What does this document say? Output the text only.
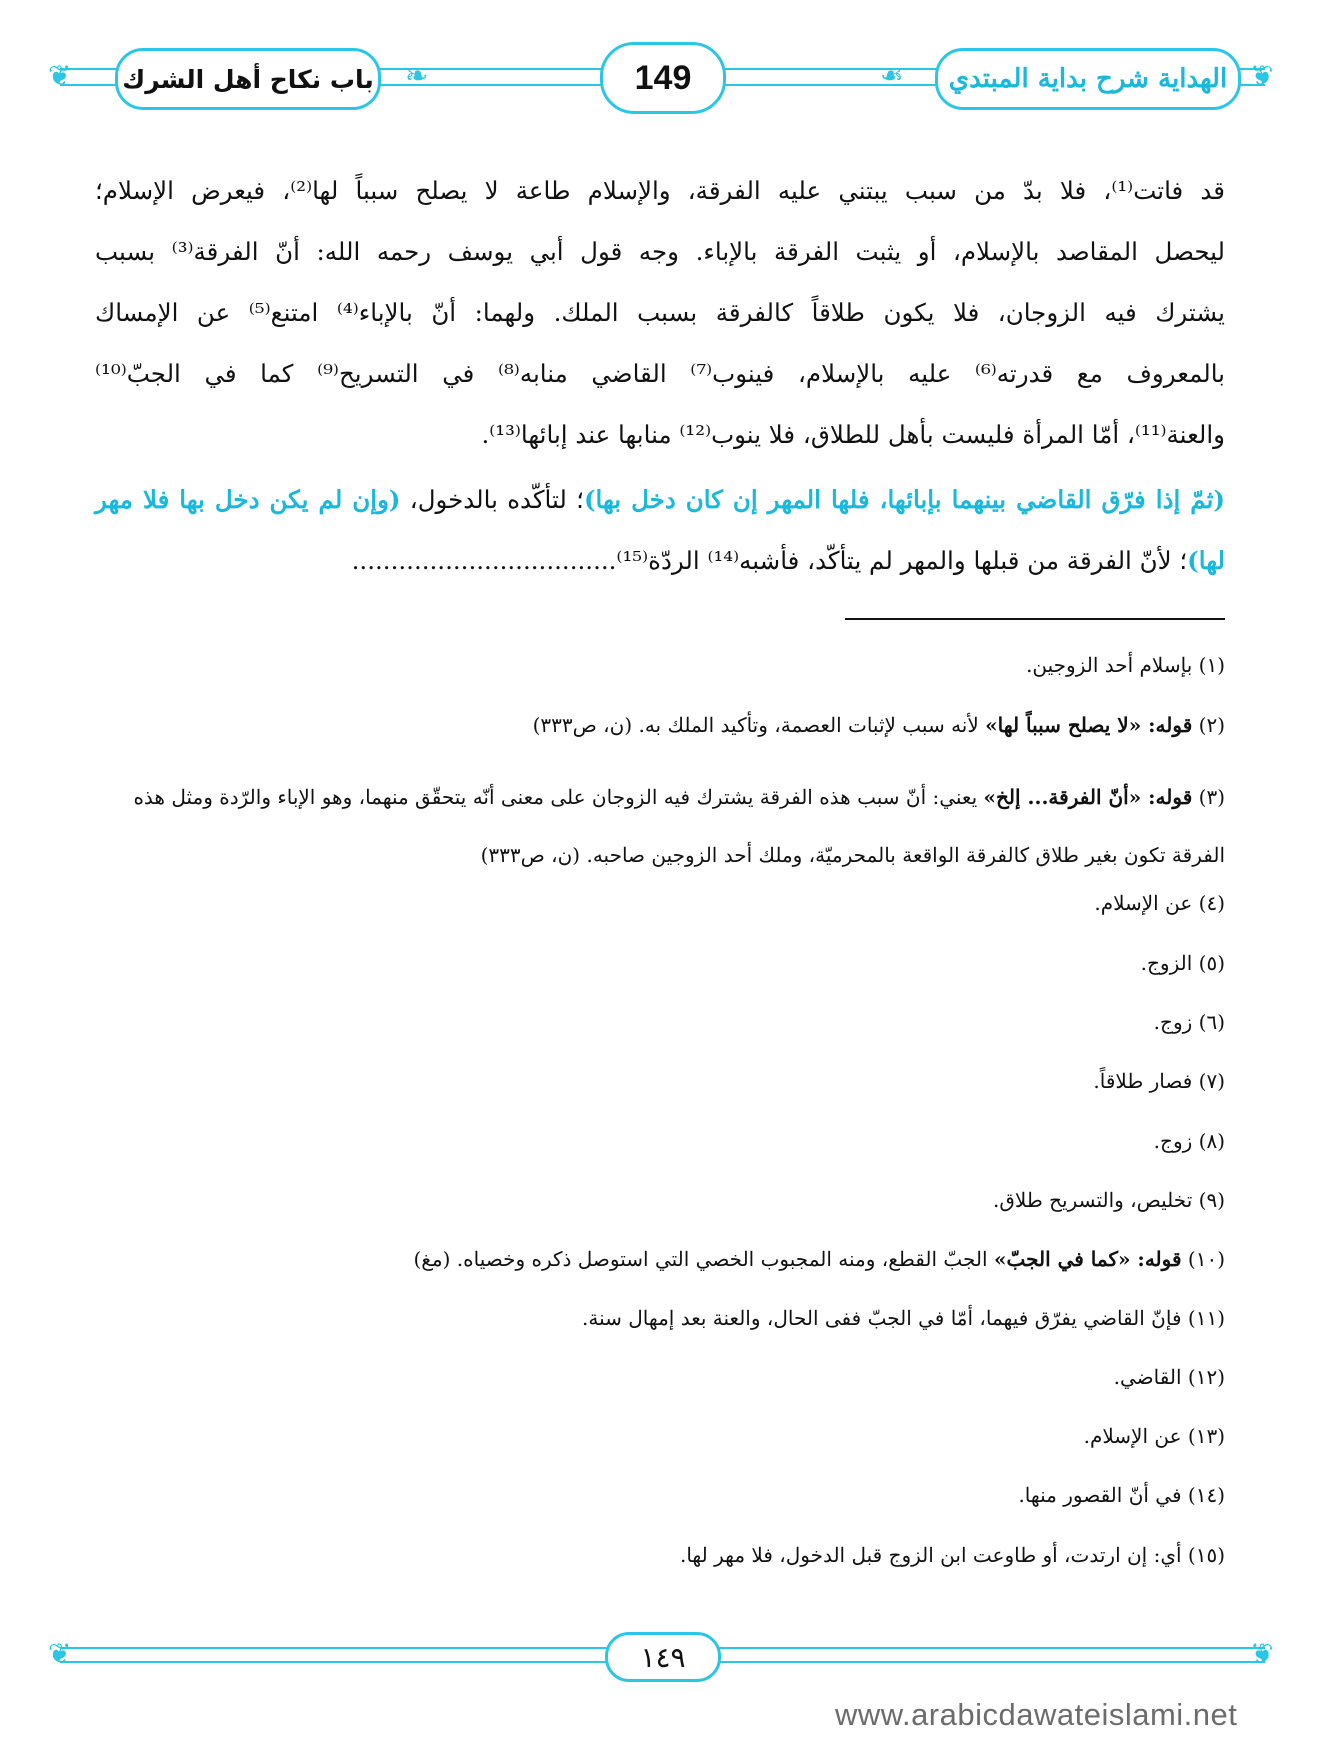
❦	❦
❧	❧
باب نكاح أهل الشرك	149	الهداية شرح بداية المبتدي

قد فاتت⁽¹⁾، فلا بدّ من سبب يبتني عليه الفرقة، والإسلام طاعة لا يصلح سبباً لها⁽²⁾، فيعرض الإسلام؛

ليحصل المقاصد بالإسلام، أو يثبت الفرقة بالإباء. وجه قول أبي يوسف رحمه الله: أنّ الفرقة⁽³⁾ بسبب

يشترك فيه الزوجان، فلا يكون طلاقاً كالفرقة بسبب الملك. ولهما: أنّ بالإباء⁽⁴⁾ امتنع⁽⁵⁾ عن الإمساك

بالمعروف مع قدرته⁽⁶⁾ عليه بالإسلام، فينوب⁽⁷⁾ القاضي منابه⁽⁸⁾ في التسريح⁽⁹⁾ كما في الجبّ⁽¹⁰⁾

والعنة⁽¹¹⁾، أمّا المرأة فليست بأهل للطلاق، فلا ينوب⁽¹²⁾ منابها عند إبائها⁽¹³⁾.

(ثمّ إذا فرّق القاضي بينهما بإبائها، فلها المهر إن كان دخل بها)؛ لتأكّده بالدخول، (وإن لم يكن دخل بها فلا مهر لها)؛ لأنّ الفرقة من قبلها والمهر لم يتأكّد، فأشبه⁽¹⁴⁾ الردّة⁽¹⁵⁾..................................

(١) بإسلام أحد الزوجين.
(٢) قوله: «لا يصلح سبباً لها» لأنه سبب لإثبات العصمة، وتأكيد الملك به. (ن، ص٣٣٣)
(٣) قوله: «أنّ الفرقة... إلخ» يعني: أنّ سبب هذه الفرقة يشترك فيه الزوجان على معنى أنّه يتحقّق منهما، وهو الإباء والرّدة ومثل هذه الفرقة تكون بغير طلاق كالفرقة الواقعة بالمحرميّة، وملك أحد الزوجين صاحبه. (ن، ص٣٣٣)
(٤) عن الإسلام.
(٥) الزوج.
(٦) زوج.
(٧) فصار طلاقاً.
(٨) زوج.
(٩) تخليص، والتسريح طلاق.
(١٠) قوله: «كما في الجبّ» الجبّ القطع، ومنه المجبوب الخصي التي استوصل ذكره وخصياه. (مغ)
(١١) فإنّ القاضي يفرّق فيهما، أمّا في الجبّ ففى الحال، والعنة بعد إمهال سنة.
(١٢) القاضي.
(١٣) عن الإسلام.
(١٤) في أنّ القصور منها.
(١٥) أي: إن ارتدت، أو طاوعت ابن الزوج قبل الدخول، فلا مهر لها.
❦	❦
١٤٩
www.arabicdawateislami.net
